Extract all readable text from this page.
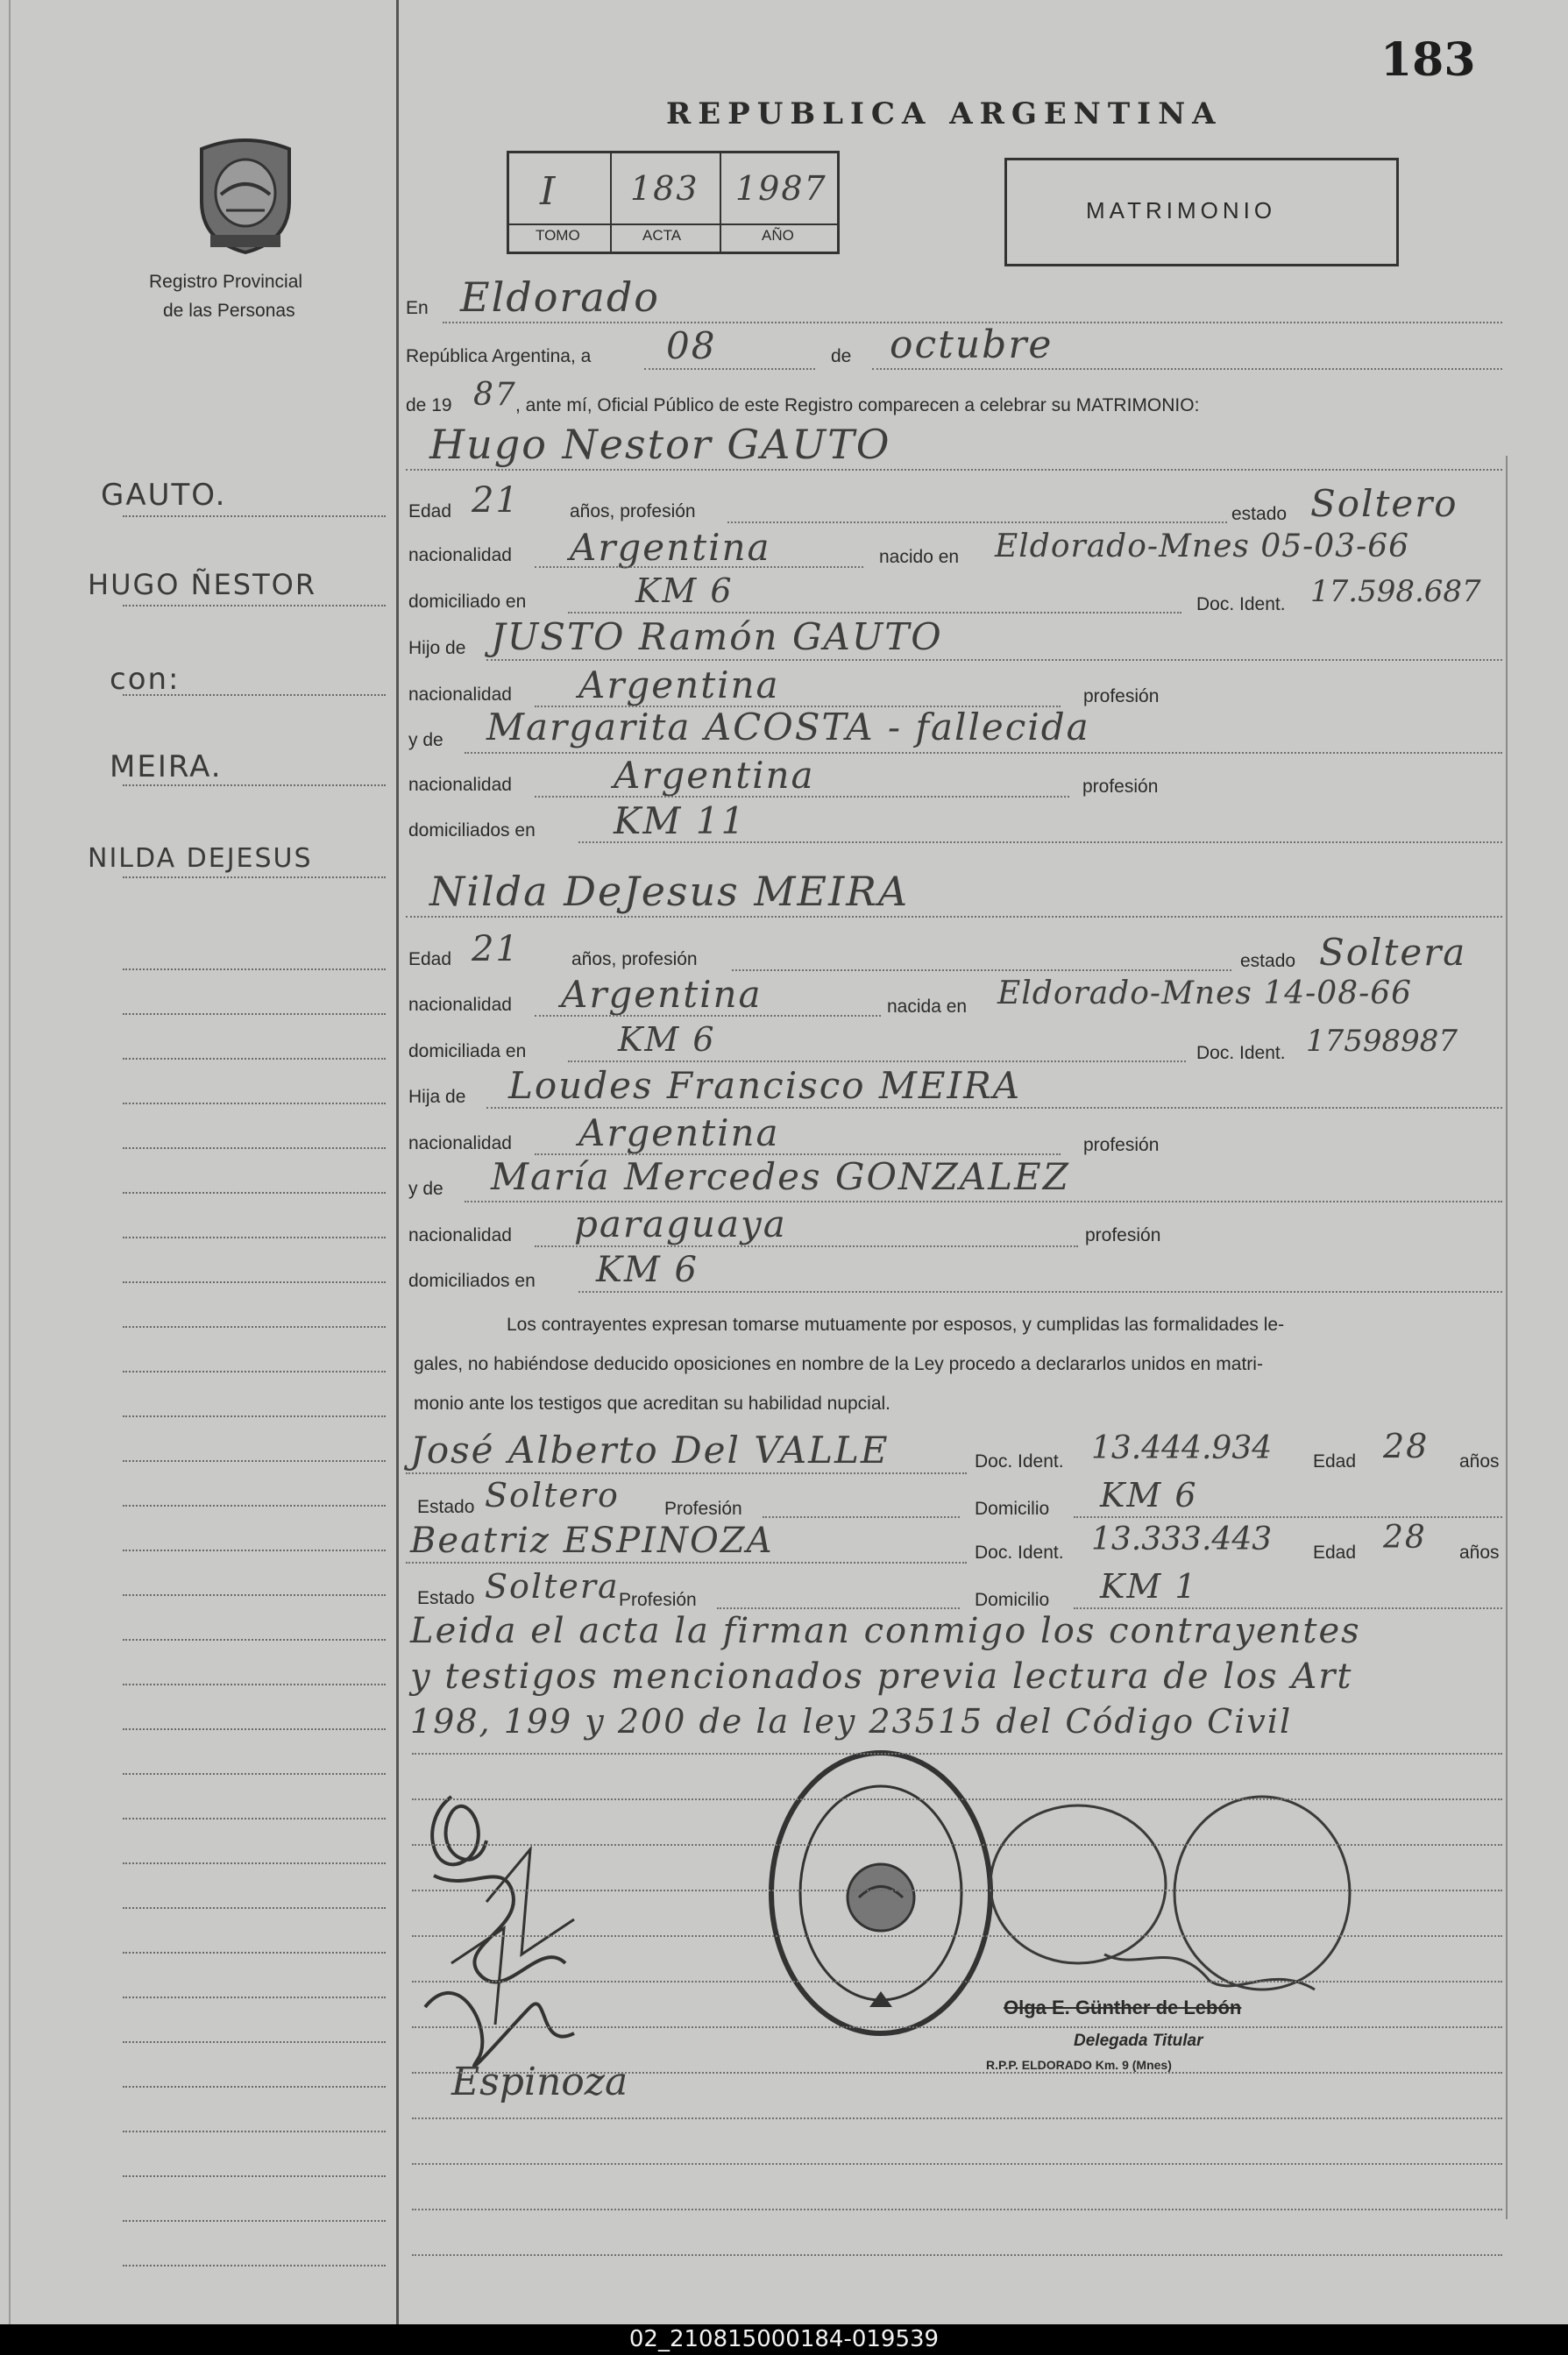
183
REPUBLICA ARGENTINA
Registro Provincial
de las Personas
I 183 1987
TOMO	ACTA	AÑO
MATRIMONIO
GAUTO.
HUGO ÑESTOR
con:
MEIRA.
NILDA DEJESUS
En Eldorado
República Argentina, a 08	de octubre
de 19 87
, ante mí, Oficial Público de este Registro comparecen a celebrar su MATRIMONIO:
Hugo Nestor GAUTO
Edad 21	años, profesión	estado Soltero
nacionalidad Argentina	nacido en Eldorado-Mnes 05-03-66
domiciliado en	KM 6	Doc. Ident. 17.598.687
Hijo de JUSTO Ramón GAUTO
nacionalidad Argentina	profesión
y de Margarita ACOSTA - fallecida
nacionalidad	Argentina	profesión
domiciliados en KM 11
Nilda DeJesus MEIRA
Edad 21	años, profesión	estado Soltera
nacionalidad Argentina	nacida en Eldorado-Mnes 14-08-66
domiciliada en	KM 6	Doc. Ident. 17598987
Hija de Loudes Francisco MEIRA
nacionalidad Argentina	profesión
y de María Mercedes GONZALEZ
nacionalidad paraguaya	profesión
domiciliados en KM 6
Los contrayentes expresan tomarse mutuamente por esposos, y cumplidas las formalidades le-
gales, no habiéndose deducido oposiciones en nombre de la Ley procedo a declararlos unidos en matri-
monio ante los testigos que acreditan su habilidad nupcial.
José Alberto Del VALLE	Doc. Ident. 13.444.934 Edad 28 años
Estado Soltero Profesión	Domicilio KM 6
Beatriz ESPINOZA	Doc. Ident. 13.333.443 Edad 28 años
Estado Soltera Profesión	Domicilio KM 1
Leida el acta la firman conmigo los contrayentes
y testigos mencionados previa lectura de los Art
198, 199 y 200 de la ley 23515 del Código Civil
Espinoza
Olga E. Günther de Lebón
Delegada Titular
R.P.P. ELDORADO Km. 9 (Mnes)
02_210815000184-019539
